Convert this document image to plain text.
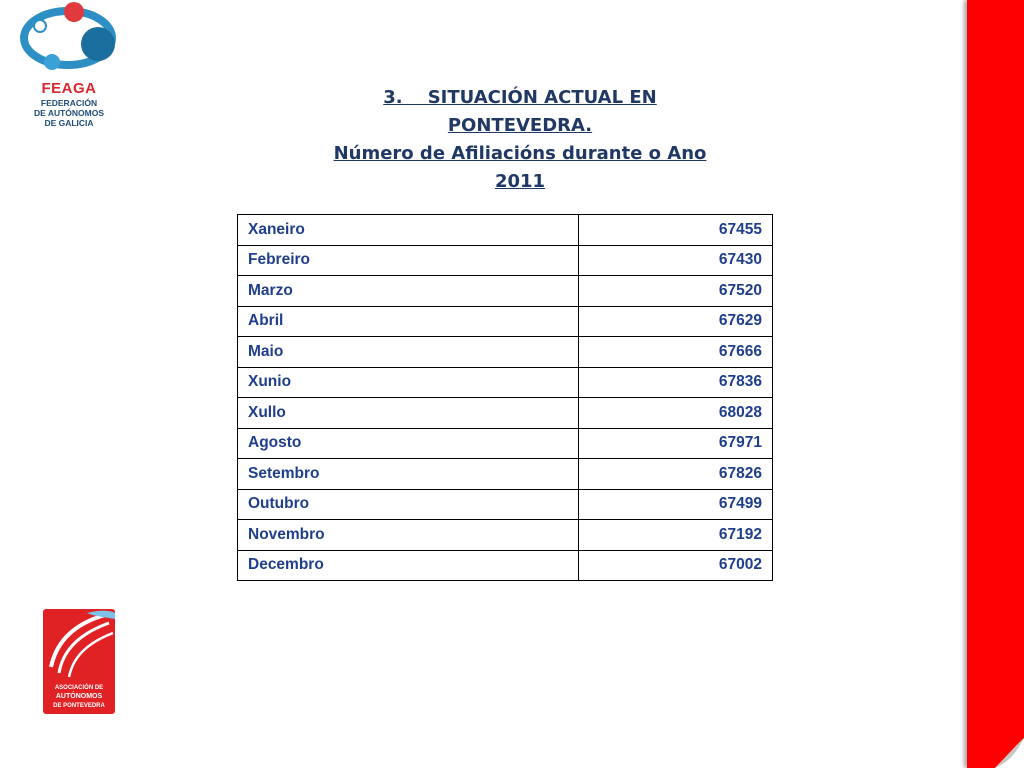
FEAGA
FEDERACIÓN
DE AUTÓNOMOS
DE GALICIA
3.    SITUACIÓN ACTUAL EN
PONTEVEDRA.
Número de Afiliacións durante o Ano
2011
Xaneiro	67455
Febreiro	67430
Marzo	67520
Abril	67629
Maio	67666
Xunio	67836
Xullo	68028
Agosto	67971
Setembro	67826
Outubro	67499
Novembro	67192
Decembro	67002
ASOCIACIÓN DE
AUTÓNOMOS
DE PONTEVEDRA
